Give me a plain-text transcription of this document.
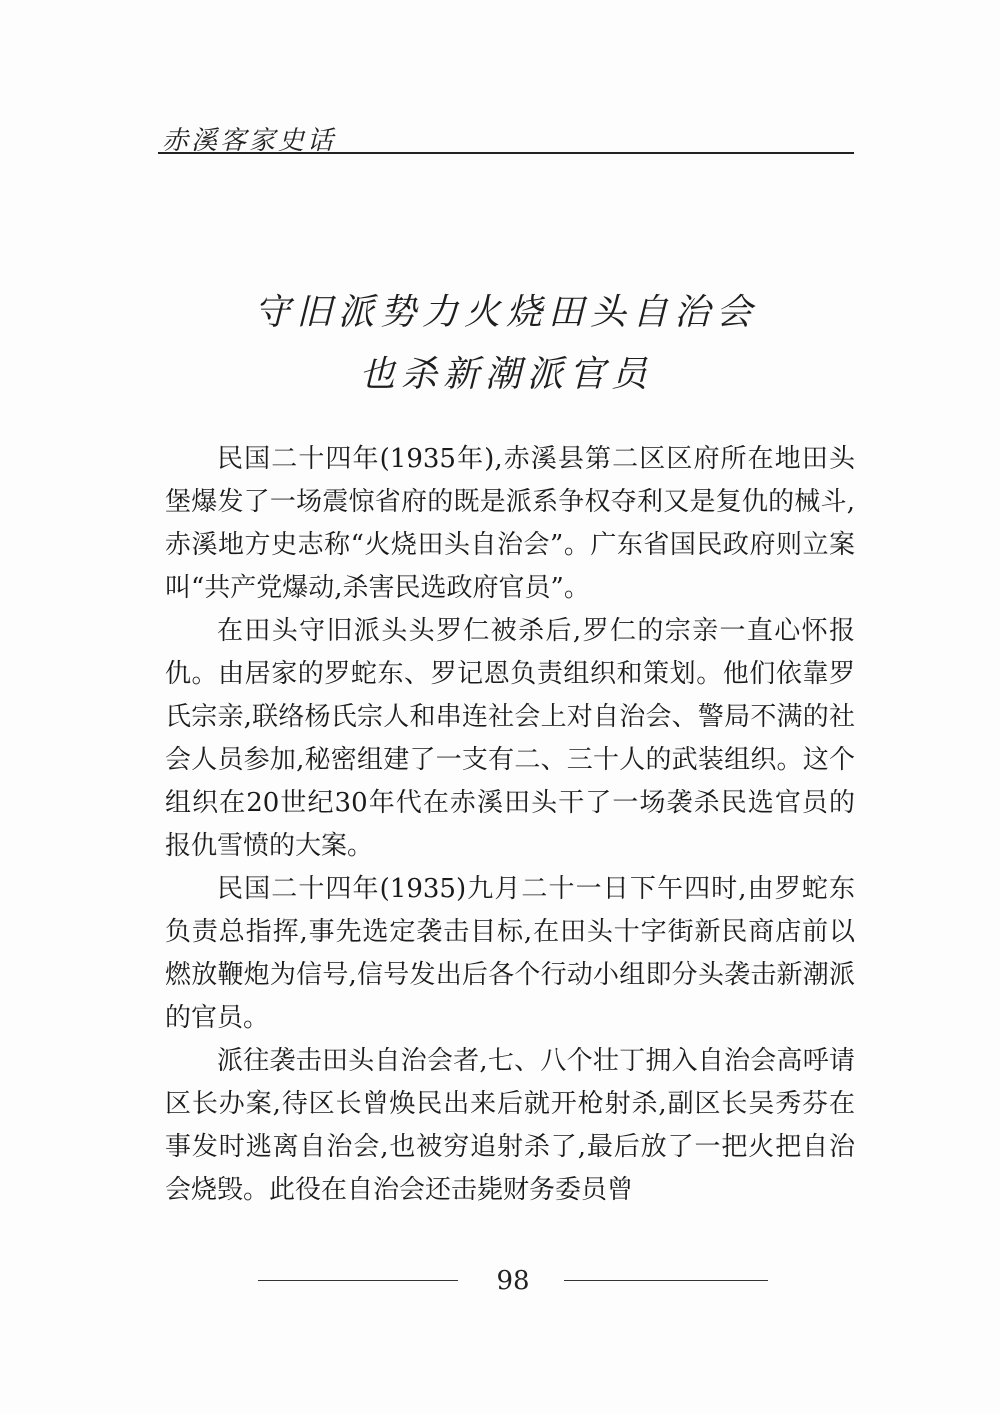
赤溪客家史话
守旧派势力火烧田头自治会
也杀新潮派官员

民国二十四年(1935年),赤溪县第二区区府所在地田头堡爆发了一场震惊省府的既是派系争权夺利又是复仇的械斗,赤溪地方史志称“火烧田头自治会”。广东省国民政府则立案叫“共产党爆动,杀害民选政府官员”。

在田头守旧派头头罗仁被杀后,罗仁的宗亲一直心怀报仇。由居家的罗蛇东、罗记恩负责组织和策划。他们依靠罗氏宗亲,联络杨氏宗人和串连社会上对自治会、警局不满的社会人员参加,秘密组建了一支有二、三十人的武装组织。这个组织在20世纪30年代在赤溪田头干了一场袭杀民选官员的报仇雪愤的大案。

民国二十四年(1935)九月二十一日下午四时,由罗蛇东负责总指挥,事先选定袭击目标,在田头十字街新民商店前以燃放鞭炮为信号,信号发出后各个行动小组即分头袭击新潮派的官员。

派往袭击田头自治会者,七、八个壮丁拥入自治会高呼请区长办案,待区长曾焕民出来后就开枪射杀,副区长吴秀芬在事发时逃离自治会,也被穷追射杀了,最后放了一把火把自治会烧毁。此役在自治会还击毙财务委员曾

98
